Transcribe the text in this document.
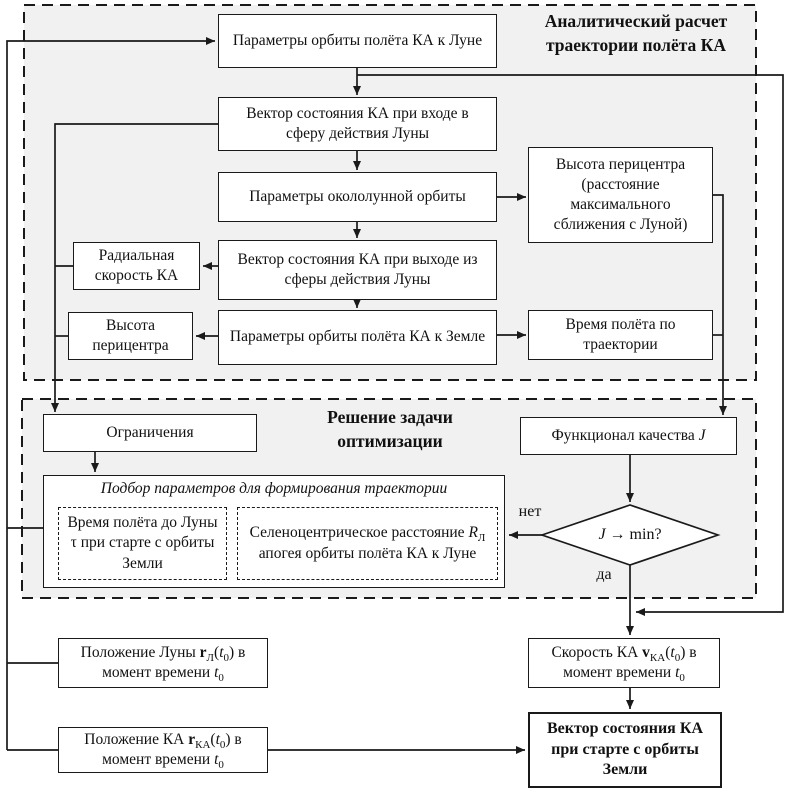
Аналитический расчет
траектории полёта КА
Решение задачи
оптимизации
Параметры орбиты полёта КА к Луне
Вектор состояния КА при входе в сферу действия Луны
Параметры окололунной орбиты
Высота перицентра (расстояние максимального сближения с Луной)
Вектор состояния КА при выходе из сферы действия Луны
Радиальная скорость КА
Параметры орбиты полёта КА к Земле
Высота перицентра
Время полёта по траектории
Ограничения	Функционал качества J
Подбор параметров для формирования траектории
Время полёта до Луны τ при старте с орбиты Земли
Селеноцентрическое расстояние $R_Л$ апогея орбиты полёта КА к Луне
J → min?
нет
да
Положение Луны $r_Л(t_0)$ в момент времени $t_0$
Положение КА $r_{КА}(t_0)$ в момент времени $t_0$
Скорость КА $v_{КА}(t_0)$ в момент времени $t_0$
Вектор состояния КА при старте с орбиты Земли
